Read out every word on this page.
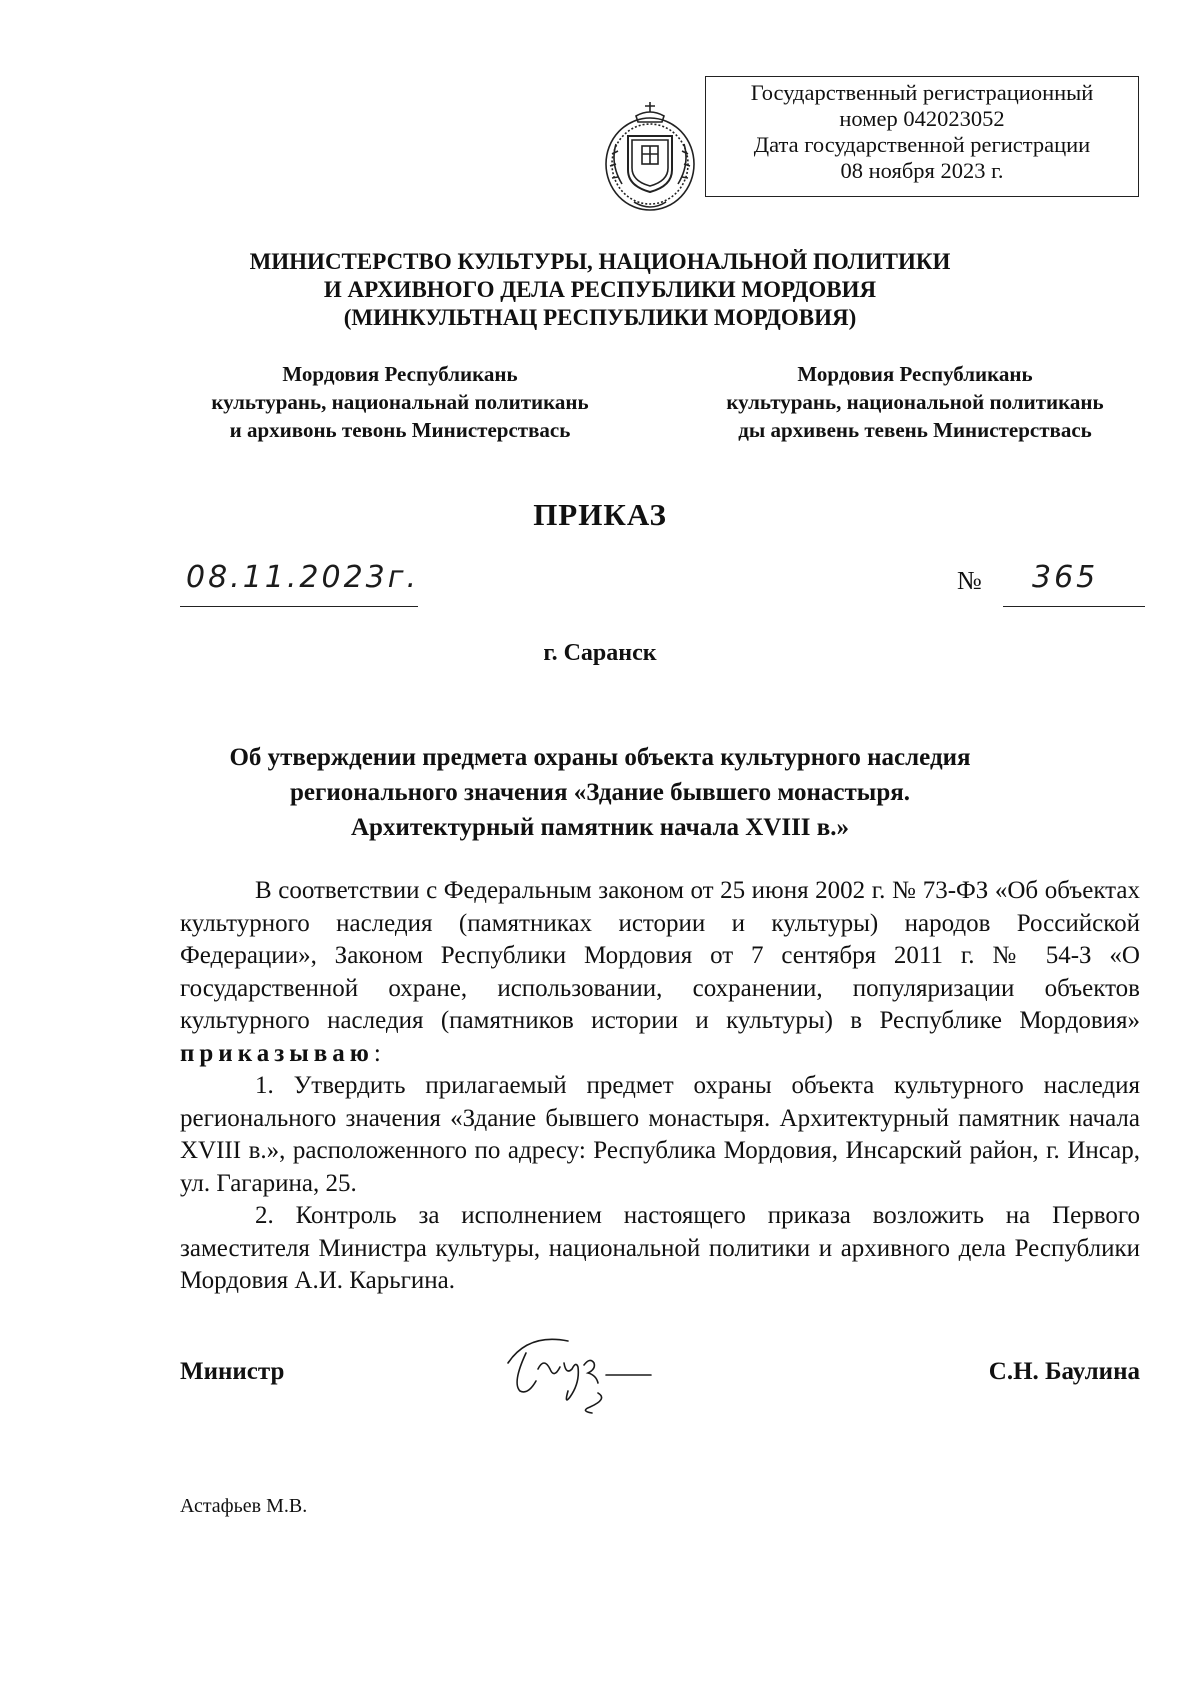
Государственный регистрационный
номер 042023052
Дата государственной регистрации
08 ноября 2023 г.
МИНИСТЕРСТВО КУЛЬТУРЫ, НАЦИОНАЛЬНОЙ ПОЛИТИКИ
И АРХИВНОГО ДЕЛА РЕСПУБЛИКИ МОРДОВИЯ
(МИНКУЛЬТНАЦ РЕСПУБЛИКИ МОРДОВИЯ)
Мордовия Республикань
культурань, национальнай политикань
и архивонь тевонь Министерствась
Мордовия Республикань
культурань, национальной политикань
ды архивень тевень Министерствась
ПРИКАЗ
08.11.2023г.	№ 365
г. Саранск
Об утверждении предмета охраны объекта культурного наследия
регионального значения «Здание бывшего монастыря.
Архитектурный памятник начала XVIII в.»

В соответствии с Федеральным законом от 25 июня 2002 г. № 73-ФЗ «Об объектах культурного наследия (памятниках истории и культуры) народов Российской Федерации», Законом Республики Мордовия от 7 сентября 2011 г. № 54-З «О государственной охране, использовании, сохранении, популяризации объектов культурного наследия (памятников истории и культуры) в Республике Мордовия» приказываю:

1. Утвердить прилагаемый предмет охраны объекта культурного наследия регионального значения «Здание бывшего монастыря. Архитектурный памятник начала XVIII в.», расположенного по адресу: Республика Мордовия, Инсарский район, г. Инсар, ул. Гагарина, 25.

2. Контроль за исполнением настоящего приказа возложить на Первого заместителя Министра культуры, национальной политики и архивного дела Республики Мордовия А.И. Карьгина.

Министр	С.Н. Баулина
Астафьев М.В.
